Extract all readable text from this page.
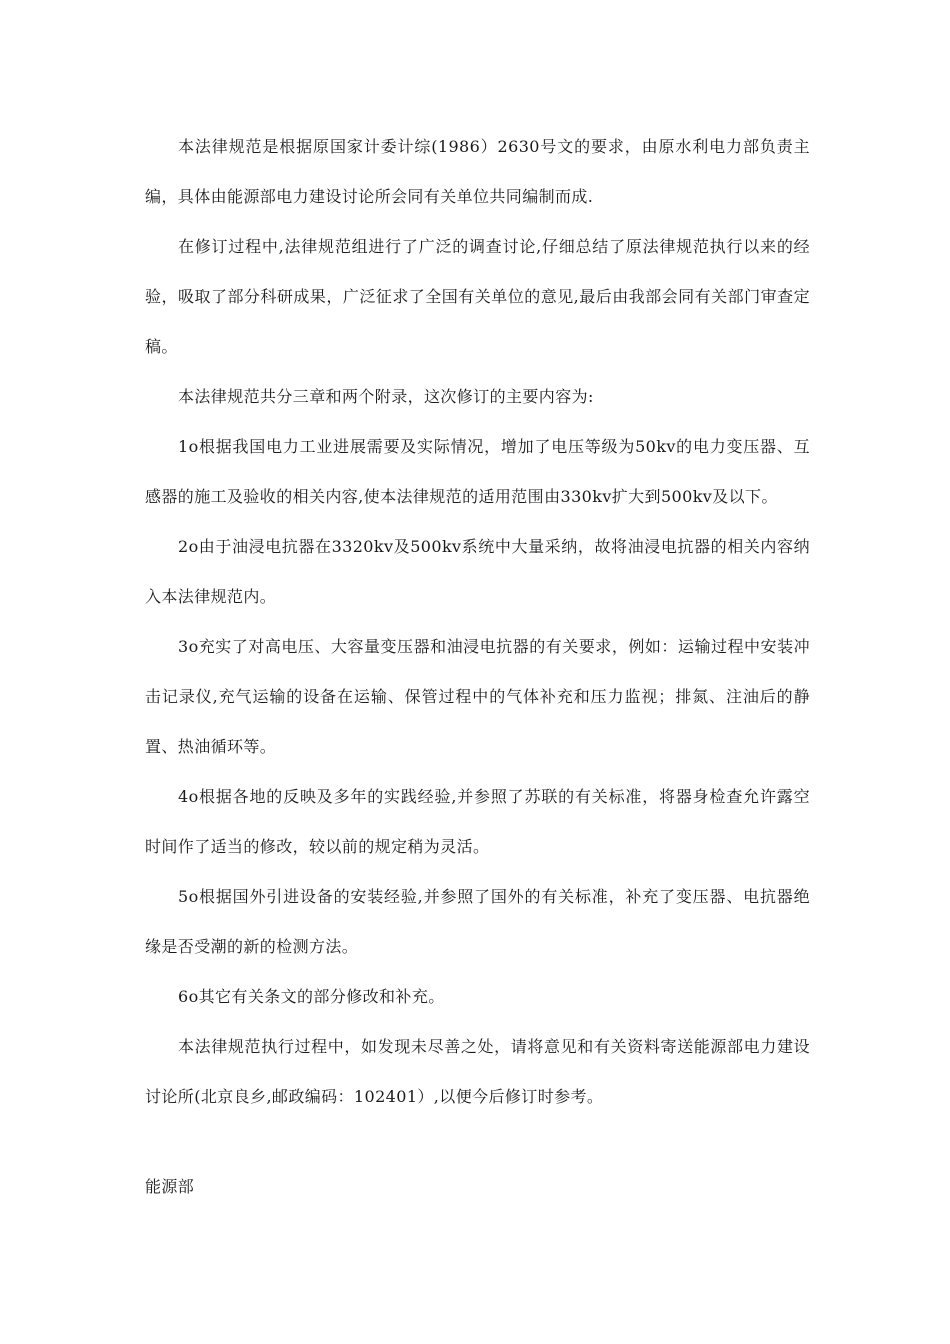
本法律规范是根据原国家计委计综(1986）2630号文的要求，由原水利电力部负责主编，具体由能源部电力建设讨论所会同有关单位共同编制而成.

在修订过程中,法律规范组进行了广泛的调查讨论,仔细总结了原法律规范执行以来的经验，吸取了部分科研成果，广泛征求了全国有关单位的意见,最后由我部会同有关部门审查定稿。

本法律规范共分三章和两个附录，这次修订的主要内容为:

1o根据我国电力工业进展需要及实际情况，增加了电压等级为50kv的电力变压器、互感器的施工及验收的相关内容,使本法律规范的适用范围由330kv扩大到500kv及以下。

2o由于油浸电抗器在3320kv及500kv系统中大量采纳，故将油浸电抗器的相关内容纳入本法律规范内。

3o充实了对高电压、大容量变压器和油浸电抗器的有关要求，例如：运输过程中安装冲击记录仪,充气运输的设备在运输、保管过程中的气体补充和压力监视；排氮、注油后的静置、热油循环等。

4o根据各地的反映及多年的实践经验,并参照了苏联的有关标准，将器身检查允许露空时间作了适当的修改，较以前的规定稍为灵活。

5o根据国外引进设备的安装经验,并参照了国外的有关标准，补充了变压器、电抗器绝缘是否受潮的新的检测方法。

6o其它有关条文的部分修改和补充。

本法律规范执行过程中，如发现未尽善之处，请将意见和有关资料寄送能源部电力建设讨论所(北京良乡,邮政编码：102401）,以便今后修订时参考。

能源部
